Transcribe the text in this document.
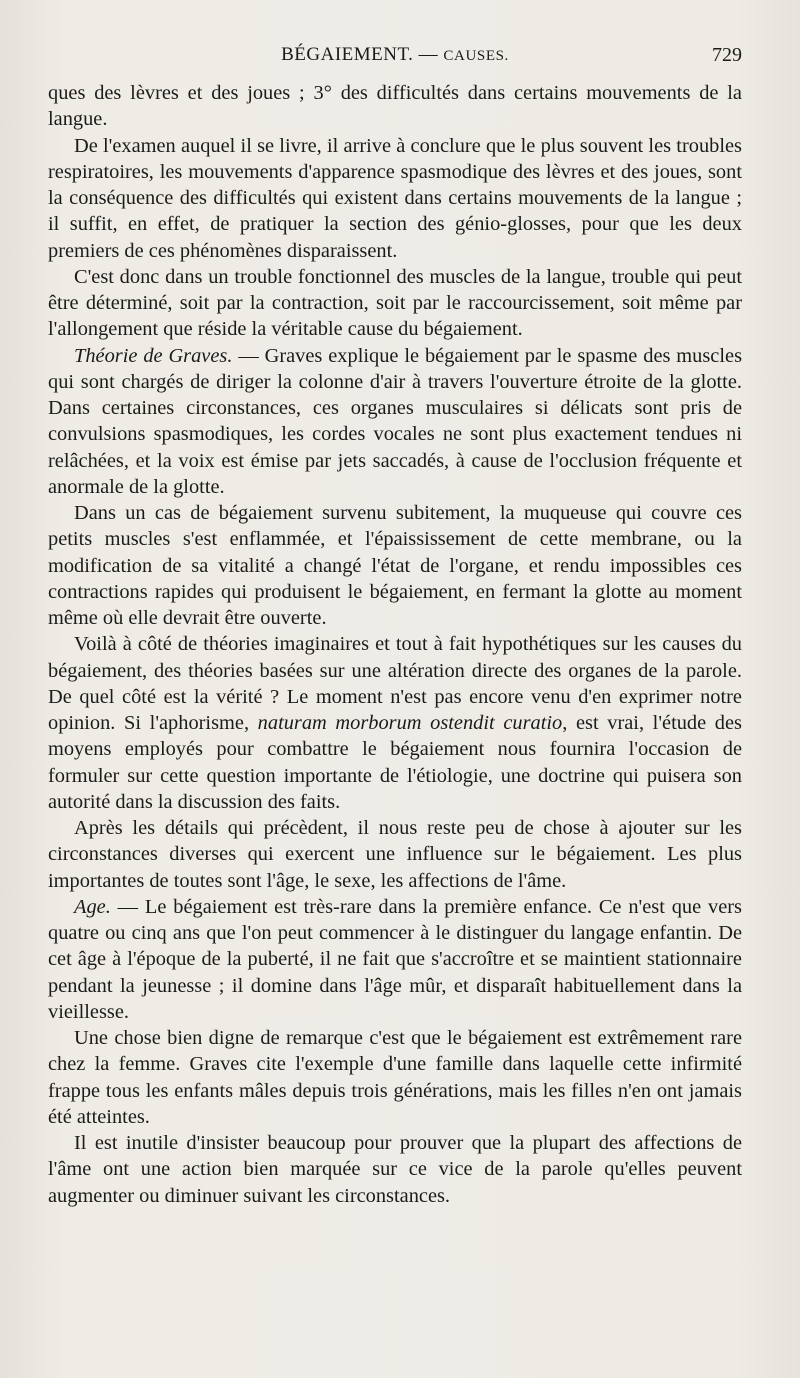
BÉGAIEMENT. — CAUSES.	729

ques des lèvres et des joues ; 3° des difficultés dans certains mouvements de la langue.

De l'examen auquel il se livre, il arrive à conclure que le plus souvent les troubles respiratoires, les mouvements d'apparence spasmodique des lèvres et des joues, sont la conséquence des difficultés qui existent dans certains mouvements de la langue ; il suffit, en effet, de pratiquer la section des génio-glosses, pour que les deux premiers de ces phénomènes disparaissent.

C'est donc dans un trouble fonctionnel des muscles de la langue, trouble qui peut être déterminé, soit par la contraction, soit par le raccourcissement, soit même par l'allongement que réside la véritable cause du bégaiement.

Théorie de Graves. — Graves explique le bégaiement par le spasme des muscles qui sont chargés de diriger la colonne d'air à travers l'ouverture étroite de la glotte. Dans certaines circonstances, ces organes musculaires si délicats sont pris de convulsions spasmodiques, les cordes vocales ne sont plus exactement tendues ni relâchées, et la voix est émise par jets saccadés, à cause de l'occlusion fréquente et anormale de la glotte.

Dans un cas de bégaiement survenu subitement, la muqueuse qui couvre ces petits muscles s'est enflammée, et l'épaississement de cette membrane, ou la modification de sa vitalité a changé l'état de l'organe, et rendu impossibles ces contractions rapides qui produisent le bégaiement, en fermant la glotte au moment même où elle devrait être ouverte.

Voilà à côté de théories imaginaires et tout à fait hypothétiques sur les causes du bégaiement, des théories basées sur une altération directe des organes de la parole. De quel côté est la vérité ? Le moment n'est pas encore venu d'en exprimer notre opinion. Si l'aphorisme, naturam morborum ostendit curatio, est vrai, l'étude des moyens employés pour combattre le bégaiement nous fournira l'occasion de formuler sur cette question importante de l'étiologie, une doctrine qui puisera son autorité dans la discussion des faits.

Après les détails qui précèdent, il nous reste peu de chose à ajouter sur les circonstances diverses qui exercent une influence sur le bégaiement. Les plus importantes de toutes sont l'âge, le sexe, les affections de l'âme.

Age. — Le bégaiement est très-rare dans la première enfance. Ce n'est que vers quatre ou cinq ans que l'on peut commencer à le distinguer du langage enfantin. De cet âge à l'époque de la puberté, il ne fait que s'accroître et se maintient stationnaire pendant la jeunesse ; il domine dans l'âge mûr, et disparaît habituellement dans la vieillesse.

Une chose bien digne de remarque c'est que le bégaiement est extrêmement rare chez la femme. Graves cite l'exemple d'une famille dans laquelle cette infirmité frappe tous les enfants mâles depuis trois générations, mais les filles n'en ont jamais été atteintes.

Il est inutile d'insister beaucoup pour prouver que la plupart des affections de l'âme ont une action bien marquée sur ce vice de la parole qu'elles peuvent augmenter ou diminuer suivant les circonstances.
